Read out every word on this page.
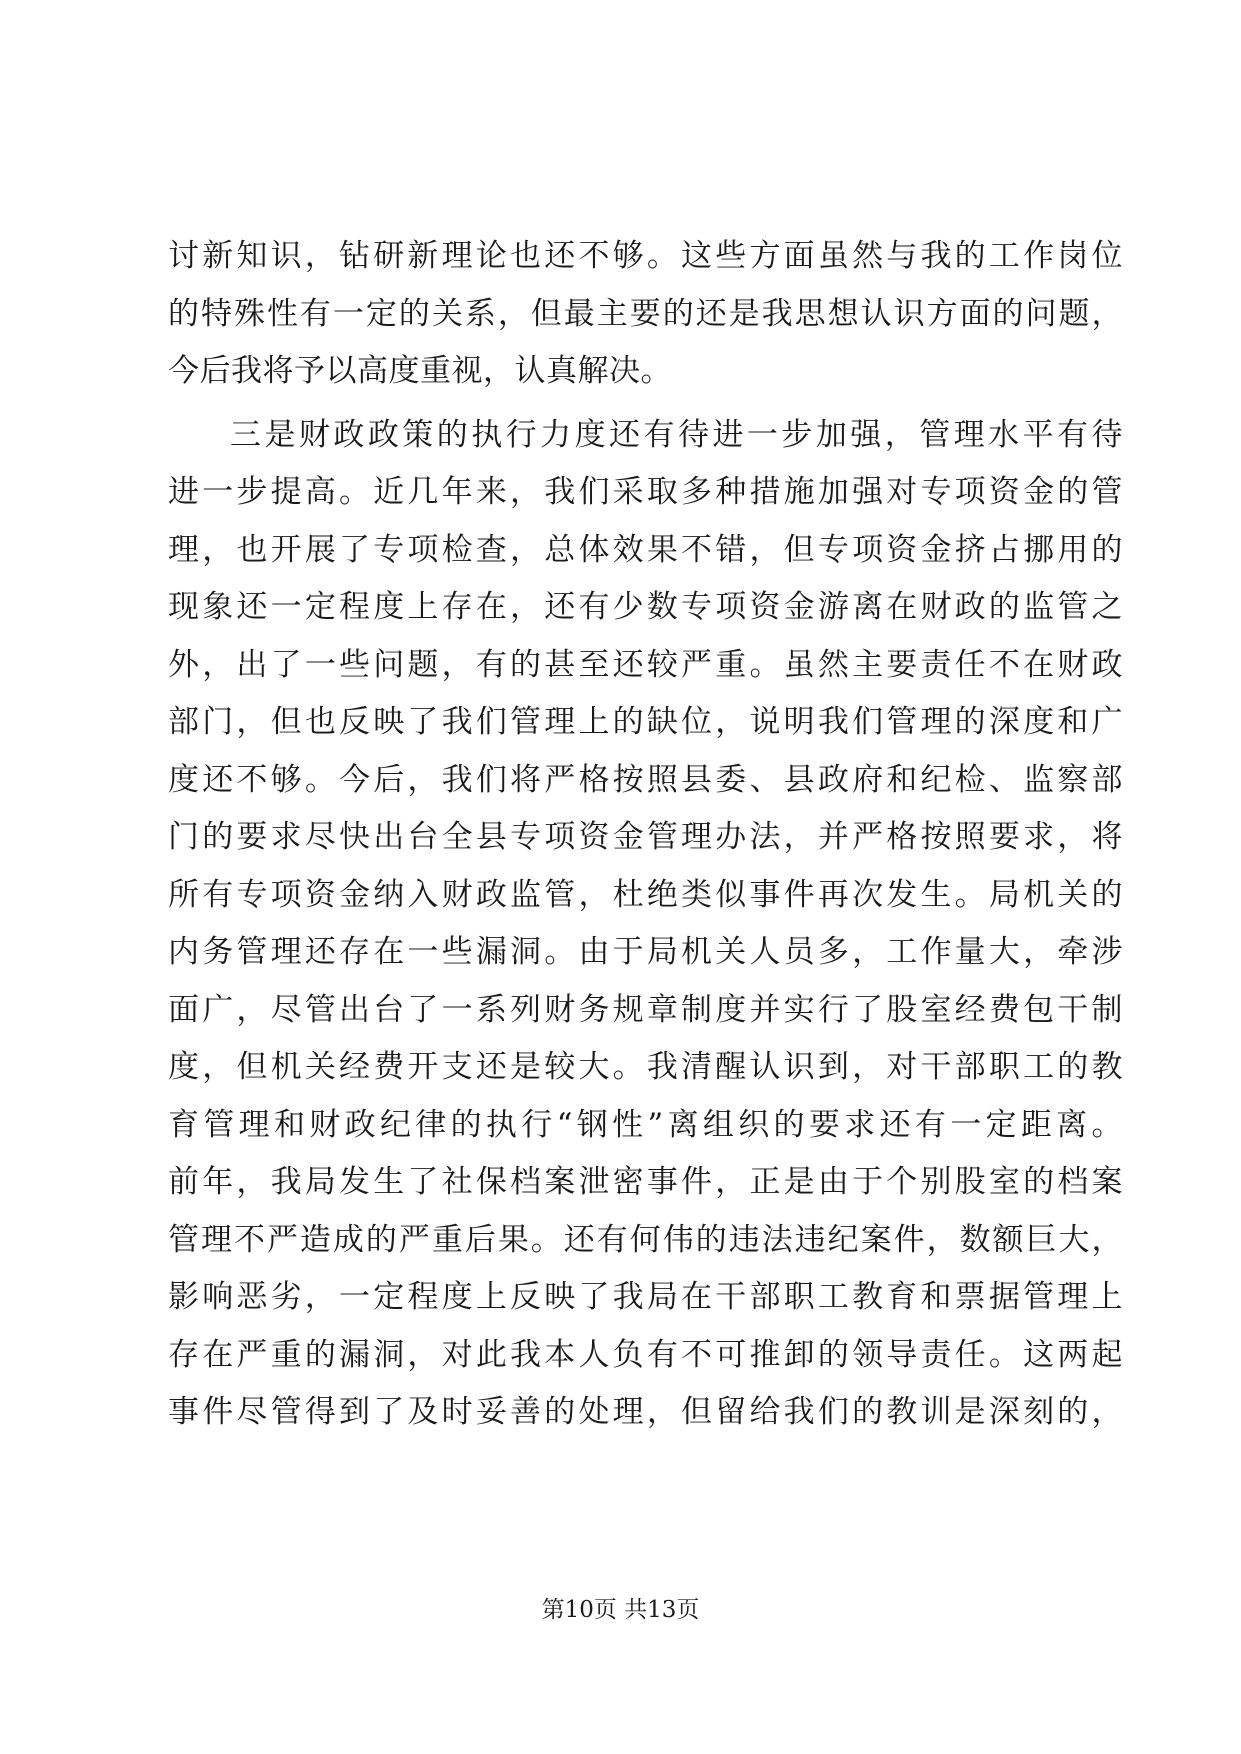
讨新知识，钻研新理论也还不够。这些方面虽然与我的工作岗位
的特殊性有一定的关系，但最主要的还是我思想认识方面的问题，
今后我将予以高度重视，认真解决。
三是财政政策的执行力度还有待进一步加强，管理水平有待
进一步提高。近几年来，我们采取多种措施加强对专项资金的管
理，也开展了专项检查，总体效果不错，但专项资金挤占挪用的
现象还一定程度上存在，还有少数专项资金游离在财政的监管之
外，出了一些问题，有的甚至还较严重。虽然主要责任不在财政
部门，但也反映了我们管理上的缺位，说明我们管理的深度和广
度还不够。今后，我们将严格按照县委、县政府和纪检、监察部
门的要求尽快出台全县专项资金管理办法，并严格按照要求，将
所有专项资金纳入财政监管，杜绝类似事件再次发生。局机关的
内务管理还存在一些漏洞。由于局机关人员多，工作量大，牵涉
面广，尽管出台了一系列财务规章制度并实行了股室经费包干制
度，但机关经费开支还是较大。我清醒认识到，对干部职工的教
育管理和财政纪律的执行“钢性”离组织的要求还有一定距离。
前年，我局发生了社保档案泄密事件，正是由于个别股室的档案
管理不严造成的严重后果。还有何伟的违法违纪案件，数额巨大，
影响恶劣，一定程度上反映了我局在干部职工教育和票据管理上
存在严重的漏洞，对此我本人负有不可推卸的领导责任。这两起
事件尽管得到了及时妥善的处理，但留给我们的教训是深刻的，
第10页 共13页
